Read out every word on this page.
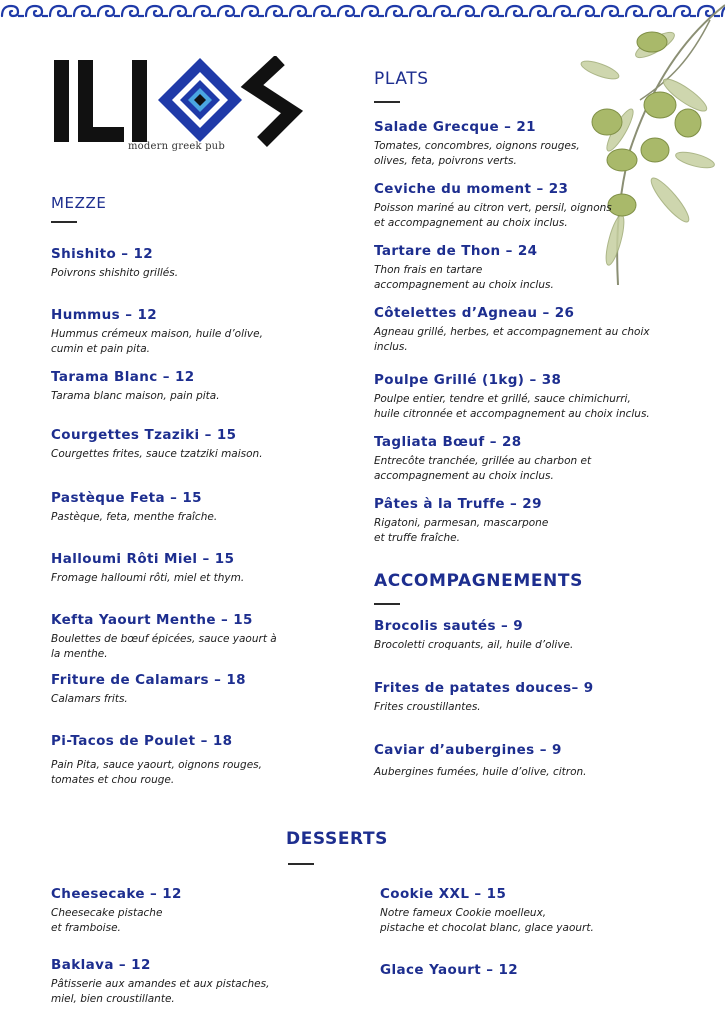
modern greek pub
MEZZE
Shishito – 12
Poivrons shishito grillés.
Hummus – 12
Hummus crémeux maison, huile d’olive,
cumin et pain pita.
Tarama Blanc – 12
Tarama blanc maison, pain pita.
Courgettes Tzaziki – 15
Courgettes frites, sauce tzatziki maison.
Pastèque Feta – 15
Pastèque, feta, menthe fraîche.
Halloumi Rôti Miel – 15
Fromage halloumi rôti, miel et thym.
Kefta Yaourt Menthe – 15
Boulettes de bœuf épicées, sauce yaourt à
la menthe.
Friture de Calamars – 18
Calamars frits.
Pi-Tacos de Poulet – 18
Pain Pita, sauce yaourt, oignons rouges,
tomates et chou rouge.
PLATS
Salade Grecque – 21
Tomates, concombres, oignons rouges,
olives, feta, poivrons verts.
Ceviche du moment – 23
Poisson mariné au citron vert, persil, oignons
et accompagnement au choix inclus.
Tartare de Thon – 24
Thon frais en tartare
accompagnement au choix inclus.
Côtelettes d’Agneau – 26
Agneau grillé, herbes, et accompagnement au choix
inclus.
Poulpe Grillé (1kg) – 38
Poulpe entier, tendre et grillé, sauce chimichurri,
huile citronnée et accompagnement au choix inclus.
Tagliata Bœuf – 28
Entrecôte tranchée, grillée au charbon et
accompagnement au choix inclus.
Pâtes à la Truffe – 29
Rigatoni, parmesan, mascarpone
et truffe fraîche.
ACCOMPAGNEMENTS
Brocolis sautés – 9
Brocoletti croquants, ail, huile d’olive.
Frites de patates douces– 9
Frites croustillantes.
Caviar d’aubergines – 9
Aubergines fumées, huile d’olive, citron.
DESSERTS
Cheesecake – 12
Cheesecake pistache
et framboise.
Baklava – 12
Pâtisserie aux amandes et aux pistaches,
miel, bien croustillante.
Cookie XXL – 15
Notre fameux Cookie moelleux,
pistache et chocolat blanc, glace yaourt.
Glace Yaourt – 12
